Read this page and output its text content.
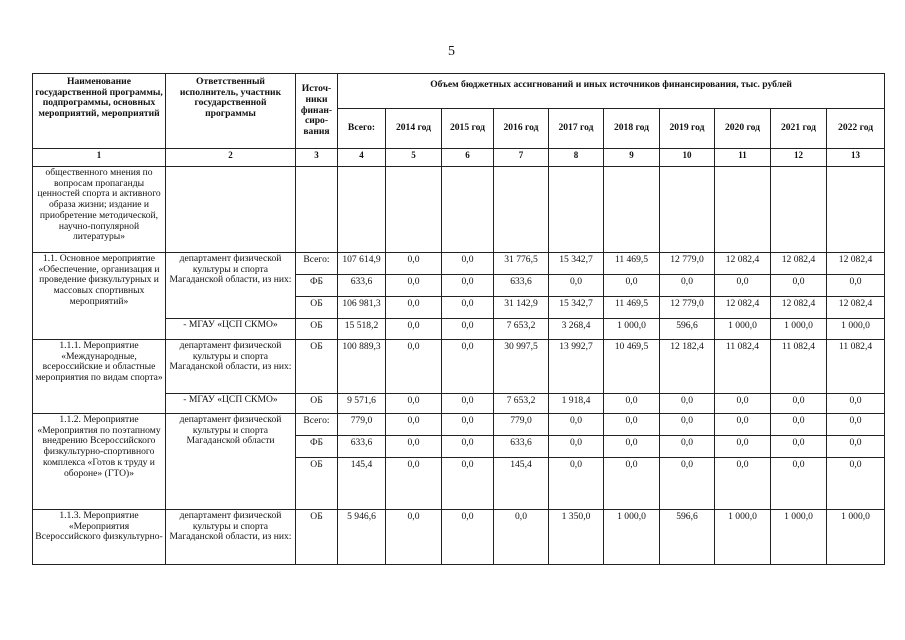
5
Наименование государственной программы, подпрограммы, основных мероприятий, мероприятий	Ответственный исполнитель, участник государственной программы	Источ-ники финан-сиро-вания	Объем бюджетных ассигнований и иных источников финансирования, тыс. рублей									
			Всего:	2014 год	2015 год	2016 год	2017 год	2018 год	2019 год	2020 год	2021 год	2022 год
1	2	3	4	5	6	7	8	9	10	11	12	13
общественного мнения по вопросам пропаганды ценностей спорта и активного образа жизни; издание и приобретение методической, научно-популярной литературы»												
1.1. Основное мероприятие «Обеспечение, организация и проведение физкультурных и массовых спортивных мероприятий»	департамент физической культуры и спорта Магаданской области, из них:	Всего:	107 614,9	0,0	0,0	31 776,5	15 342,7	11 469,5	12 779,0	12 082,4	12 082,4	12 082,4
		ФБ	633,6	0,0	0,0	633,6	0,0	0,0	0,0	0,0	0,0	0,0
		ОБ	106 981,3	0,0	0,0	31 142,9	15 342,7	11 469,5	12 779,0	12 082,4	12 082,4	12 082,4
	- МГАУ «ЦСП СКМО»	ОБ	15 518,2	0,0	0,0	7 653,2	3 268,4	1 000,0	596,6	1 000,0	1 000,0	1 000,0
1.1.1. Мероприятие «Международные, всероссийские и областные мероприятия по видам спорта»	департамент физической культуры и спорта Магаданской области, из них:	ОБ	100 889,3	0,0	0,0	30 997,5	13 992,7	10 469,5	12 182,4	11 082,4	11 082,4	11 082,4
	- МГАУ «ЦСП СКМО»	ОБ	9 571,6	0,0	0,0	7 653,2	1 918,4	0,0	0,0	0,0	0,0	0,0
1.1.2. Мероприятие «Мероприятия по поэтапному внедрению Всероссийского физкультурно-спортивного комплекса «Готов к труду и обороне» (ГТО)»	департамент физической культуры и спорта Магаданской области	Всего:	779,0	0,0	0,0	779,0	0,0	0,0	0,0	0,0	0,0	0,0
		ФБ	633,6	0,0	0,0	633,6	0,0	0,0	0,0	0,0	0,0	0,0
		ОБ	145,4	0,0	0,0	145,4	0,0	0,0	0,0	0,0	0,0	0,0
1.1.3. Мероприятие «Мероприятия Всероссийского физкультурно-	департамент физической культуры и спорта Магаданской области, из них:	ОБ	5 946,6	0,0	0,0	0,0	1 350,0	1 000,0	596,6	1 000,0	1 000,0	1 000,0
